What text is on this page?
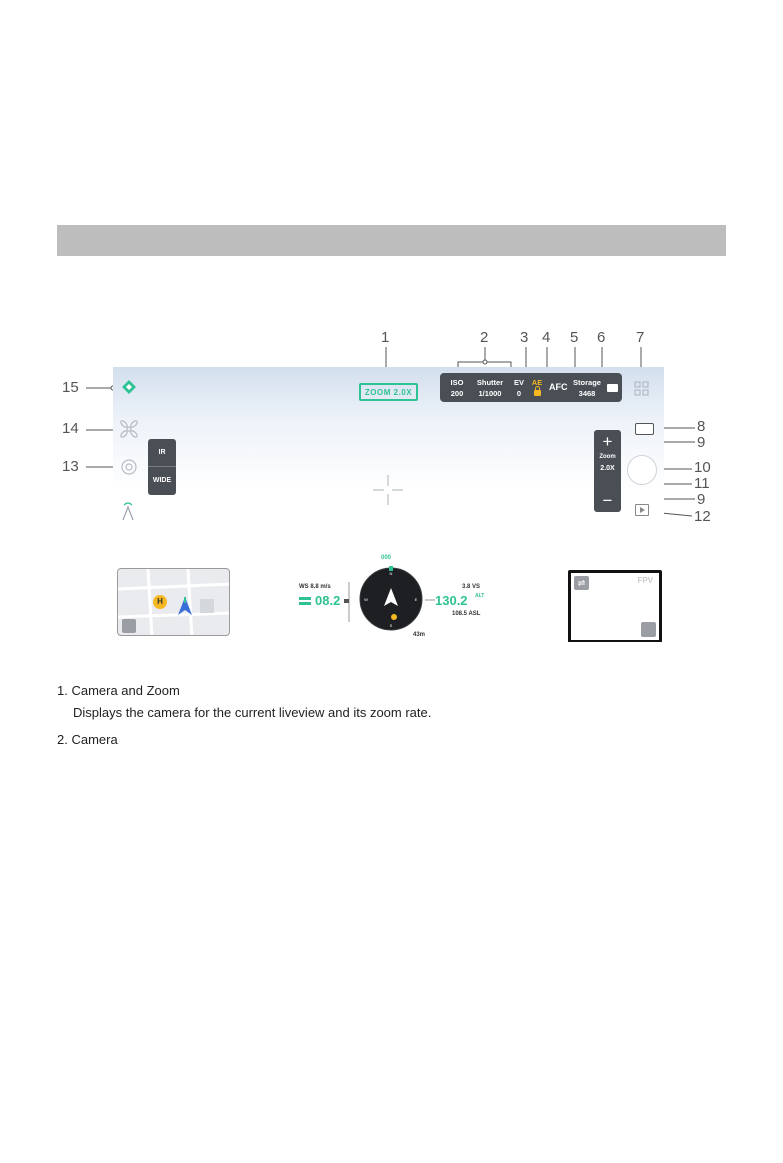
1	2 3 4 5 6 7
8
9
10
11
9
12
13
14
15	ZOOM 2.0X
ISO
200
Shutter
1/1000
EV
0
AE AFC Storage
3468
IR
WIDE
+
Zoom
2.0X
−
H
WS 8.8 m/s
08.2
N
E
S
W
000
3.8 VS
130.2 ALT
108.5 ASL
43m
⇌	FPV
1. Camera and Zoom
Displays the camera for the current liveview and its zoom rate.
2. Camera
